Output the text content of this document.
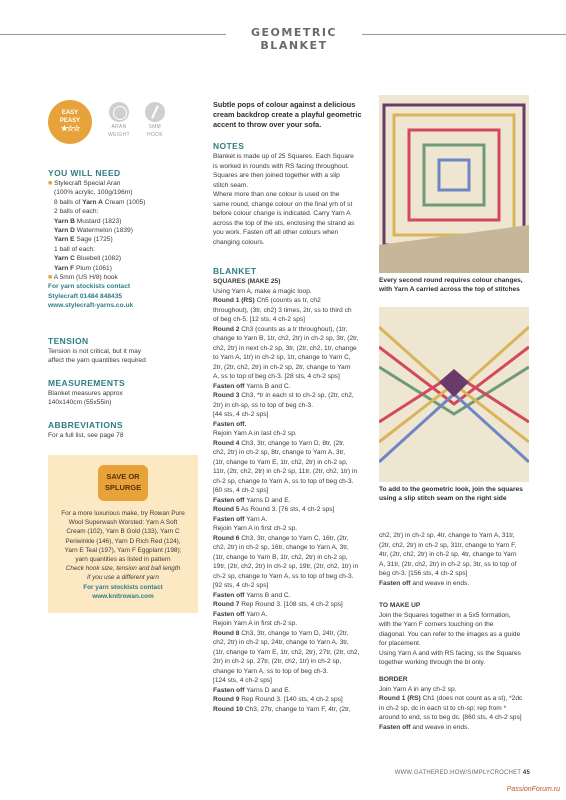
GEOMETRIC BLANKET
EASY
PEASY
★☆☆	ARAN
WEIGHT
5MM
HOOK
YOU WILL NEED
■ Stylecraft Special Aran
(100% acrylic, 100g/196m)
8 balls of Yarn A Cream (1005)
2 balls of each:
Yarn B Mustard (1823)
Yarn D Watermelon (1839)
Yarn E Sage (1725)
1 ball of each:
Yarn C Bluebell (1082)
Yarn F Plum (1061)
■ A 5mm (US H/8) hook
For yarn stockists contact
Stylecraft 01484 848435
www.stylecraft-yarns.co.uk
TENSION
Tension is not critical, but it may
affect the yarn quantities required
MEASUREMENTS
Blanket measures approx
140x140cm (55x55in)
ABBREVIATIONS
For a full list, see page 78
SAVE OR
SPLURGE
For a more luxurious make, try Rowan Pure
Wool Superwash Worsted: Yarn A Soft
Cream (102), Yarn B Gold (133), Yarn C
Periwinkle (146), Yarn D Rich Red (124),
Yarn E Teal (197), Yarn F Eggplant (198);
yarn quantities as listed in pattern
Check hook size, tension and ball length
if you use a different yarn
For yarn stockists contact
www.knitrowan.com
Subtle pops of colour against a delicious
cream backdrop create a playful geometric
accent to throw over your sofa.
NOTES
Blanket is made up of 25 Squares. Each Square
is worked in rounds with RS facing throughout.
Squares are then joined together with a slip
stitch seam.
Where more than one colour is used on the
same round, change colour on the final yrh of st
before colour change is indicated. Carry Yarn A
across the top of the sts, enclosing the strand as
you work. Fasten off all other colours when
changing colours.
BLANKET
SQUARES (MAKE 25)
Using Yarn A, make a magic loop.
Round 1 (RS) Ch5 (counts as tr, ch2
throughout), (3tr, ch2) 3 times, 2tr, ss to third ch
of beg ch-5. [12 sts, 4 ch-2 sps]
Round 2 Ch3 (counts as a tr throughout), (1tr,
change to Yarn B, 1tr, ch2, 2tr) in ch-2 sp, 3tr, (2tr,
ch2, 2tr) in next ch-2 sp, 3tr, (2tr, ch2, 1tr, change
to Yarn A, 1tr) in ch-2 sp, 1tr, change to Yarn C,
2tr, (2tr, ch2, 2tr) in ch-2 sp, 2tr, change to Yarn
A, ss to top of beg ch-3. [28 sts, 4 ch-2 sps]
Fasten off Yarns B and C.
Round 3 Ch3, *tr in each st to ch-2 sp, (2tr, ch2,
2tr) in ch-sp, ss to top of beg ch-3.
[44 sts, 4 ch-2 sps]
Fasten off.
Rejoin Yarn A in last ch-2 sp.
Round 4 Ch3, 3tr, change to Yarn D, 8tr, (2tr,
ch2, 2tr) in ch-2 sp, 8tr, change to Yarn A, 3tr,
(1tr, change to Yarn E, 1tr, ch2, 2tr) in ch-2 sp,
11tr, (2tr, ch2, 2tr) in ch-2 sp, 11tr, (2tr, ch2, 1tr) in
ch-2 sp, change to Yarn A, ss to top of beg ch-3.
[60 sts, 4 ch-2 sps]
Fasten off Yarns D and E.
Round 5 As Round 3. [76 sts, 4 ch-2 sps]
Fasten off Yarn A.
Rejoin Yarn A in first ch-2 sp.
Round 6 Ch3, 3tr, change to Yarn C, 16tr, (2tr,
ch2, 2tr) in ch-2 sp, 16tr, change to Yarn A, 3tr,
(1tr, change to Yarn B, 1tr, ch2, 2tr) in ch-2 sp,
19tr, (2tr, ch2, 2tr) in ch-2 sp, 19tr, (2tr, ch2, 1tr) in
ch-2 sp, change to Yarn A, ss to top of beg ch-3.
[92 sts, 4 ch-2 sps]
Fasten off Yarns B and C.
Round 7 Rep Round 3. [108 sts, 4 ch-2 sps]
Fasten off Yarn A.
Rejoin Yarn A in first ch-2 sp.
Round 8 Ch3, 3tr, change to Yarn D, 24tr, (2tr,
ch2, 2tr) in ch-2 sp, 24tr, change to Yarn A, 3tr,
(1tr, change to Yarn E, 1tr, ch2, 2tr), 27tr, (2tr, ch2,
2tr) in ch-2 sp, 27tr, (2tr, ch2, 1tr) in ch-2 sp,
change to Yarn A, ss to top of beg ch-3.
[124 sts, 4 ch-2 sps]
Fasten off Yarns D and E.
Round 9 Rep Round 3. [140 sts, 4 ch-2 sps]
Round 10 Ch3, 27tr, change to Yarn F, 4tr, (2tr,
Every second round requires colour changes,
with Yarn A carried across the top of stitches
To add to the geometric look, join the squares
using a slip stitch seam on the right side
ch2, 2tr) in ch-2 sp, 4tr, change to Yarn A, 31tr,
(2tr, ch2, 2tr) in ch-2 sp, 31tr, change to Yarn F,
4tr, (2tr, ch2, 2tr) in ch-2 sp, 4tr, change to Yarn
A, 31tr, (2tr, ch2, 2tr) in ch-2 sp, 3tr, ss to top of
beg ch-3. [156 sts, 4 ch-2 sps]
Fasten off and weave in ends.
TO MAKE UP
Join the Squares together in a 5x5 formation,
with the Yarn F corners touching on the
diagonal. You can refer to the images as a guide
for placement.
Using Yarn A and with RS facing, ss the Squares
together working through the bl only.
BORDER
Join Yarn A in any ch-2 sp.
Round 1 (RS) Ch1 (does not count as a st), *2dc
in ch-2 sp, dc in each st to ch-sp; rep from *
around to end, ss to beg dc. [860 sts, 4 ch-2 sps]
Fasten off and weave in ends.
WWW.GATHERED.HOW/SIMPLYCROCHET 45
PassionForum.ru
